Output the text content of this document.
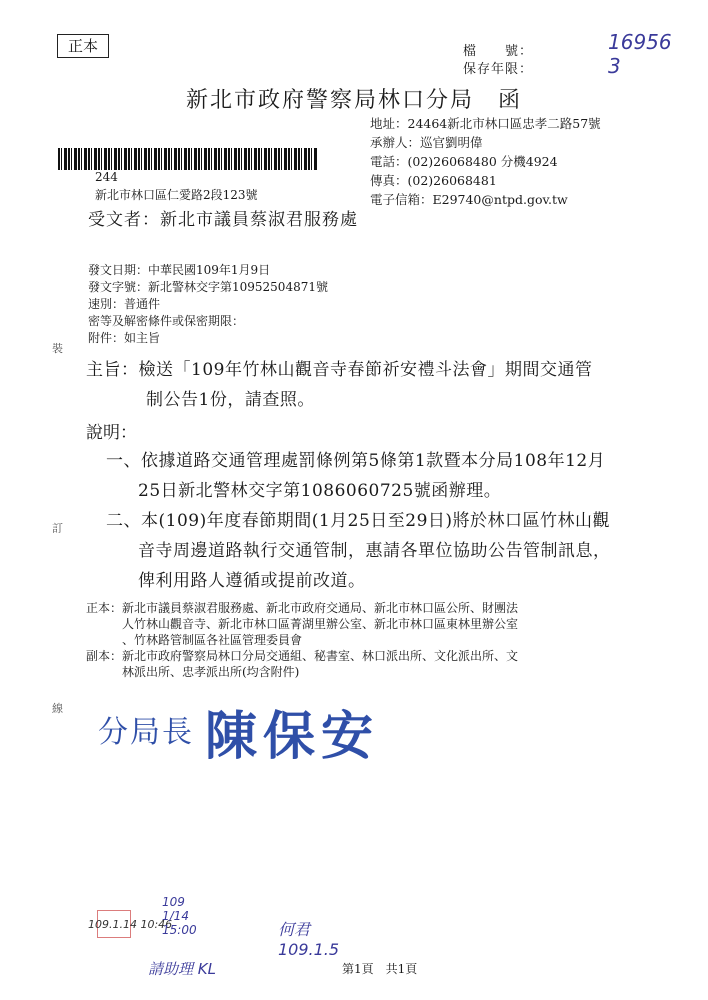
正本	檔　　號：
保存年限：
16956
3
新北市政府警察局林口分局　函
地址：24464新北市林口區忠孝二路57號
承辦人：巡官劉明偉
電話：(02)26068480 分機4924
傳真：(02)26068481
電子信箱：E29740@ntpd.gov.tw
244
新北市林口區仁愛路2段123號
受文者：新北市議員蔡淑君服務處
發文日期：中華民國109年1月9日
發文字號：新北警林交字第10952504871號
速別：普通件
密等及解密條件或保密期限：
附件：如主旨
主旨：檢送「109年竹林山觀音寺春節祈安禮斗法會」期間交通管
制公告1份，請查照。
說明：
一、依據道路交通管理處罰條例第5條第1款暨本分局108年12月
25日新北警林交字第1086060725號函辦理。
二、本(109)年度春節期間(1月25日至29日)將於林口區竹林山觀
音寺周邊道路執行交通管制，惠請各單位協助公告管制訊息，
俾利用路人遵循或提前改道。
正本：新北市議員蔡淑君服務處、新北市政府交通局、新北市林口區公所、財團法
人竹林山觀音寺、新北市林口區菁湖里辦公室、新北市林口區東林里辦公室
、竹林路管制區各社區管理委員會
副本：新北市政府警察局林口分局交通組、秘書室、林口派出所、文化派出所、文
林派出所、忠孝派出所(均含附件)
裝
訂
線
分局長 陳保安
109.1.14 10:46
109
1/14
15:00
請助理 KL
何君
109.1.5
第1頁　共1頁
